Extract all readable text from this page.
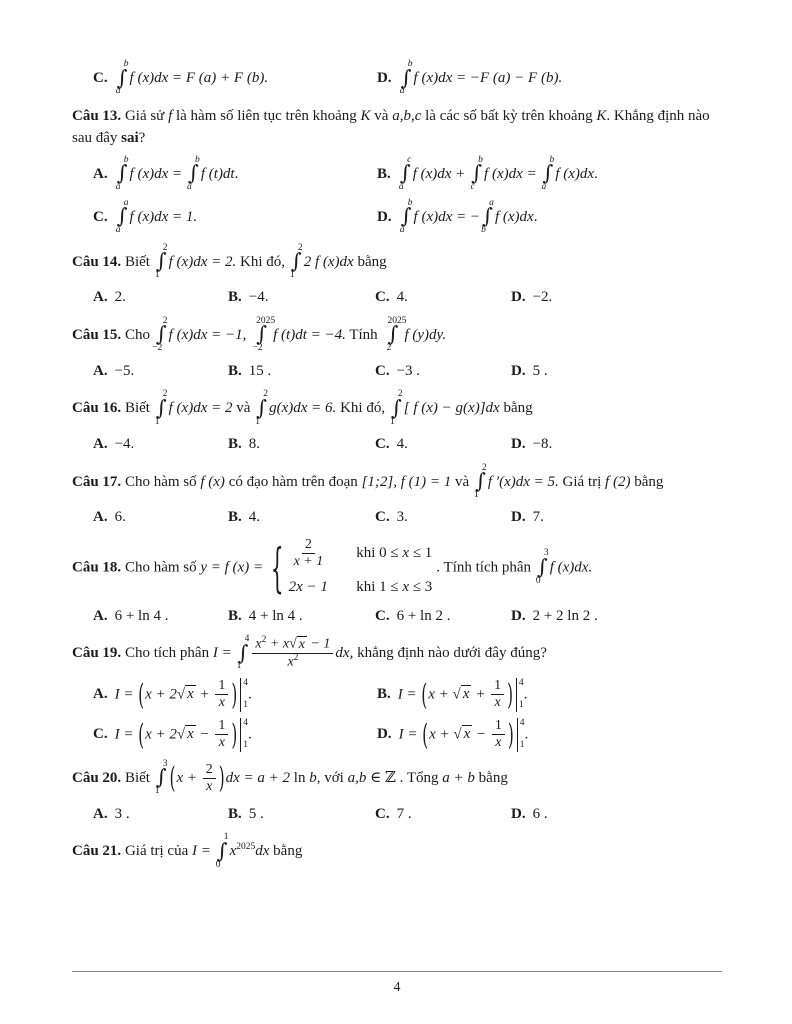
C.
b
∫
a
f (x)dx = F (a) + F (b).	D.
b
∫
a
f (x)dx = −F (a) − F (b).
Câu 13. Giả sử f là hàm số liên tục trên khoảng K và a,b,c là các số bất kỳ trên khoảng K. Khẳng định nào sau đây sai?
A.
b
∫
a
f (x)dx =
b
∫
a
f (t)dt.	B.
c
∫
a
f (x)dx +
b
∫
c
f (x)dx =
b
∫
a
f (x)dx.
C.
a
∫
a
f (x)dx = 1.	D.
b
∫
a
f (x)dx = −
a
∫
b
f (x)dx.
Câu 14. Biết
2
∫
1
f (x)dx = 2. Khi đó,
2
∫
1
2 f (x)dx bằng
A. 2.	B. −4.	C. 4.	D. −2.
Câu 15. Cho
2
∫
−2
f (x)dx = −1,
2025
∫
−2
f (t)dt = −4. Tính
2025
∫
2
f (y)dy.
A. −5.	B. 15 .	C. −3 .	D. 5 .
Câu 16. Biết
2
∫
1
f (x)dx = 2 và
2
∫
1
g(x)dx = 6. Khi đó,
2
∫
1
[ f (x) − g(x)]dx bằng
A. −4.	B. 8.	C. 4.	D. −8.
Câu 17. Cho hàm số f (x) có đạo hàm trên đoạn [1;2], f (1) = 1 và
2
∫
1
f ′(x)dx = 5. Giá trị f (2) bằng
A. 6.	B. 4.	C. 3.	D. 7.
Câu 18. Cho hàm số y = f (x) = { $\frac{2}{x + 1}$ khi 0 ≤ x ≤ 1
2x − 1 khi 1 ≤ x ≤ 3
. Tính tích phân
3
∫
0
f (x)dx.
A. 6 + ln 4 .	B. 4 + ln 4 .	C. 6 + ln 2 .	D. 2 + 2 ln 2 .
Câu 19. Cho tích phân I =
4
∫
$1 \frac{x^2 + x√ x - 1}{x^2}$ dx, khẳng định nào dưới đây đúng?
A. I = (x + 2√ $x + \frac{1}{x}$ ) 4
1
.	B. I = (x + √ $x + \frac{1}{x}$ ) 4
1
.
C. I = (x + 2√ $x - \frac{1}{x}$ ) 4
1
.	D. I = (x + √ $x - \frac{1}{x}$ ) 4
1
.
Câu 20. Biết
3
∫
1 $(x + \frac{2}{x} )dx = a + 2$ ln b, với a,b ∈ ℤ . Tổng a + b bằng
A. 3 .	B. 5 .	C. 7 .	D. 6 .
Câu 21. Giá trị của I =
1
∫
0
$x^{2025}dx$ bằng
4
